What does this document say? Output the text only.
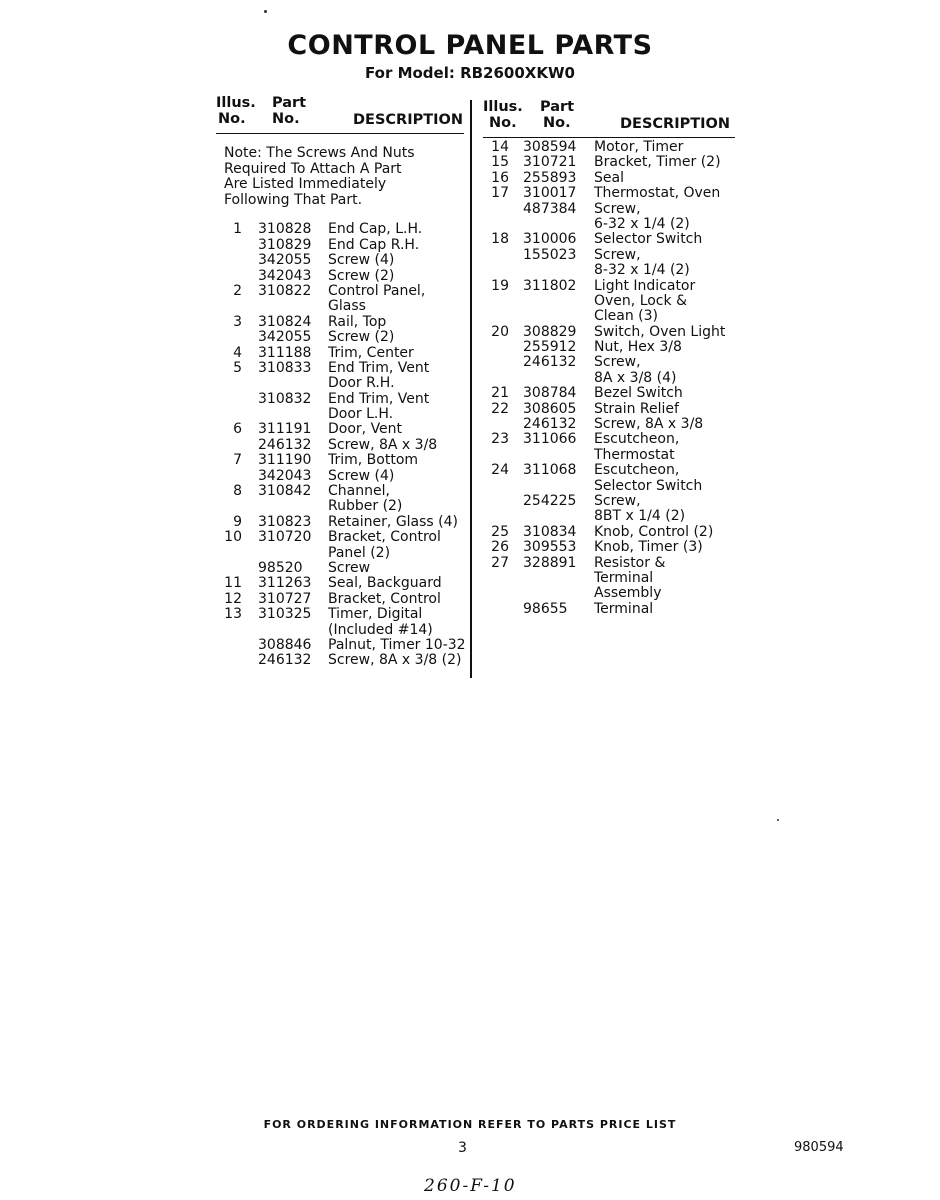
CONTROL PANEL PARTS
For Model: RB2600XKW0
Illus.
No.
Part
No.	DESCRIPTION
Note: The Screws And Nuts
Required To Attach A Part
Are Listed Immediately
Following That Part.
1 310828 End Cap, L.H.
310829 End Cap R.H.
342055 Screw (4)
342043 Screw (2)
2 310822 Control Panel,
Glass
3 310824 Rail, Top
342055 Screw (2)
4 311188 Trim, Center
5 310833 End Trim, Vent
Door R.H.
310832 End Trim, Vent
Door L.H.
6 311191 Door, Vent
246132 Screw, 8A x 3/8
7 311190 Trim, Bottom
342043 Screw (4)
8 310842 Channel,
Rubber (2)
9 310823 Retainer, Glass (4)
10 310720 Bracket, Control
Panel (2)
98520 Screw
11 311263 Seal, Backguard
12 310727 Bracket, Control
13 310325 Timer, Digital
(Included #14)
308846 Palnut, Timer 10-32
246132 Screw, 8A x 3/8 (2)
Illus.
No.
Part
No.	DESCRIPTION
14 308594 Motor, Timer
15 310721 Bracket, Timer (2)
16 255893 Seal
17 310017 Thermostat, Oven
487384 Screw,
6-32 x 1/4 (2)
18 310006 Selector Switch
155023 Screw,
8-32 x 1/4 (2)
19 311802 Light Indicator
Oven, Lock &
Clean (3)
20 308829 Switch, Oven Light
255912 Nut, Hex 3/8
246132 Screw,
8A x 3/8 (4)
21 308784 Bezel Switch
22 308605 Strain Relief
246132 Screw, 8A x 3/8
23 311066 Escutcheon,
Thermostat
24 311068 Escutcheon,
Selector Switch
254225 Screw,
8BT x 1/4 (2)
25 310834 Knob, Control (2)
26 309553 Knob, Timer (3)
27 328891 Resistor &
Terminal
Assembly
98655 Terminal
FOR ORDERING INFORMATION REFER TO PARTS PRICE LIST
3	980594
260-F-10
